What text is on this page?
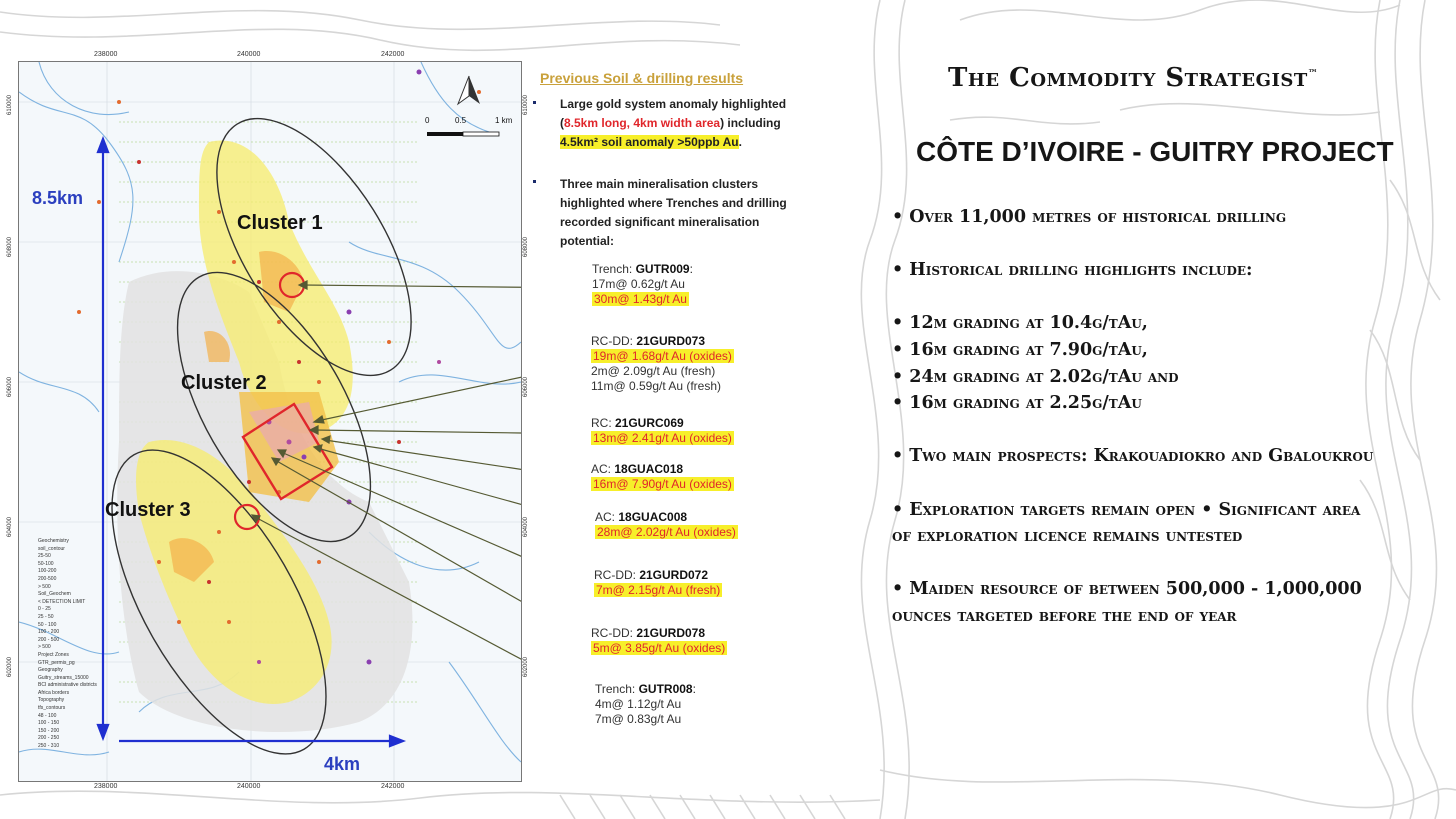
0	0.5	1 km
Cluster 1
Cluster 2
Cluster 3
8.5km
4km
Geochemistry
soil_contour
25-50
50-100
100-200
200-500
> 500
Soil_Geochem
< DETECTION LIMIT
0 - 25
25 - 50
50 - 100
100 - 200
200 - 500
> 500
Project Zones
GTR_permis_pg
Geography
Guitry_streams_15000
BCI administrative districts
Africa borders
Topography
tfs_contours
48 - 100
100 - 150
150 - 200
200 - 250
250 - 310
238000	240000	242000
238000	240000	242000
610000
608000
606000
604000
602000
610000
608000
606000
604000
602000
Previous Soil & drilling results
Large gold system anomaly highlighted
(8.5km long, 4km width area) including
4.5km² soil anomaly >50ppb Au.
Three main mineralisation clusters
highlighted where Trenches and drilling
recorded significant mineralisation
potential:
Trench: GUTR009:
17m@ 0.62g/t Au
30m@ 1.43g/t Au
RC-DD: 21GURD073
19m@ 1.68g/t Au (oxides)
2m@ 2.09g/t Au (fresh)
11m@ 0.59g/t Au (fresh)
RC: 21GURC069
13m@ 2.41g/t Au (oxides)
AC: 18GUAC018
16m@ 7.90g/t Au (oxides)
AC: 18GUAC008
28m@ 2.02g/t Au (oxides)
RC-DD: 21GURD072
7m@ 2.15g/t Au (fresh)
RC-DD: 21GURD078
5m@ 3.85g/t Au (oxides)
Trench: GUTR008:
4m@ 1.12g/t Au
7m@ 0.83g/t Au
The Commodity Strategist™
CÔTE D’IVOIRE - GUITRY PROJECT

• Over 11,000 metres of historical drilling

• Historical drilling highlights include:

• 12m grading at 10.4g/tAu,

• 16m grading at 7.90g/tAu,

• 24m grading at 2.02g/tAu and

• 16m grading at 2.25g/tAu

• Two main prospects: Krakouadiokro and Gbaloukrou

• Exploration targets remain open • Significant area of exploration licence remains untested

• Maiden resource of between 500,000 - 1,000,000 ounces targeted before the end of year
